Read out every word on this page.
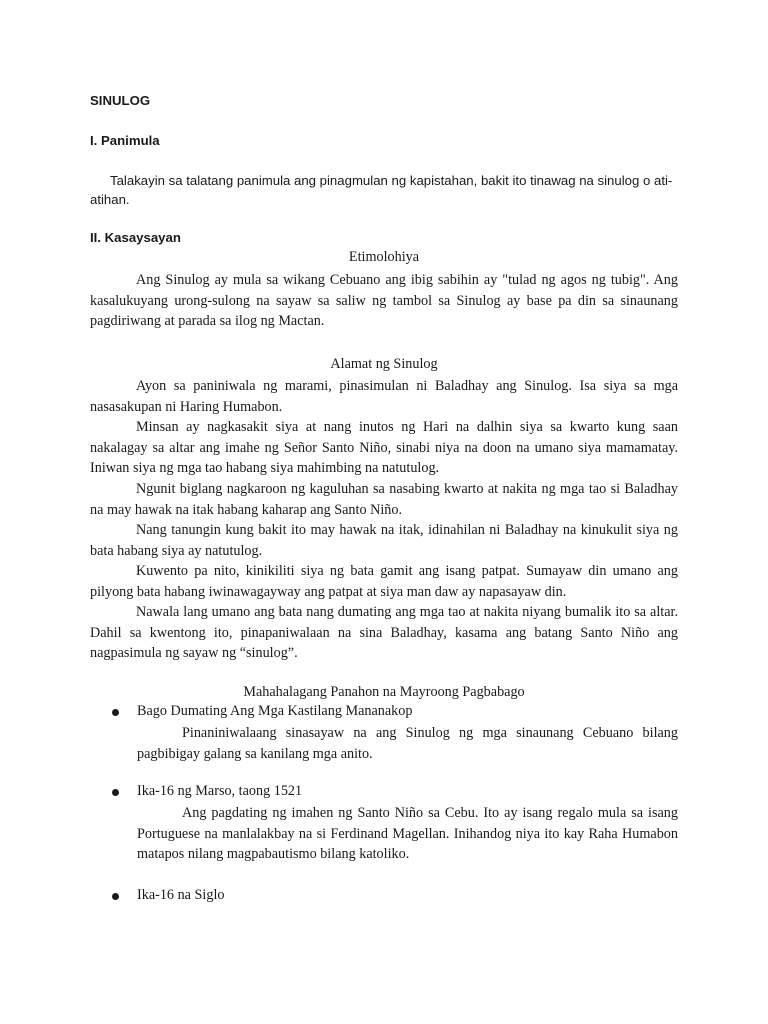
SINULOG
I. Panimula

Talakayin sa talatang panimula ang pinagmulan ng kapistahan, bakit ito tinawag na sinulog o ati-atihan.

II. Kasaysayan

Etimolohiya

Ang Sinulog ay mula sa wikang Cebuano ang ibig sabihin ay "tulad ng agos ng tubig". Ang kasalukuyang urong-sulong na sayaw sa saliw ng tambol sa Sinulog ay base pa din sa sinaunang pagdiriwang at parada sa ilog ng Mactan.

Alamat ng Sinulog

Ayon sa paniniwala ng marami, pinasimulan ni Baladhay ang Sinulog. Isa siya sa mga nasasakupan ni Haring Humabon.

Minsan ay nagkasakit siya at nang inutos ng Hari na dalhin siya sa kwarto kung saan nakalagay sa altar ang imahe ng Señor Santo Niño, sinabi niya na doon na umano siya mamamatay. Iniwan siya ng mga tao habang siya mahimbing na natutulog.

Ngunit biglang nagkaroon ng kaguluhan sa nasabing kwarto at nakita ng mga tao si Baladhay na may hawak na itak habang kaharap ang Santo Niño.

Nang tanungin kung bakit ito may hawak na itak, idinahilan ni Baladhay na kinukulit siya ng bata habang siya ay natutulog.

Kuwento pa nito, kinikiliti siya ng bata gamit ang isang patpat. Sumayaw din umano ang pilyong bata habang iwinawagayway ang patpat at siya man daw ay napasayaw din.

Nawala lang umano ang bata nang dumating ang mga tao at nakita niyang bumalik ito sa altar. Dahil sa kwentong ito, pinapaniwalaan na sina Baladhay, kasama ang batang Santo Niño ang nagpasimula ng sayaw ng “sinulog”.

Mahahalagang Panahon na Mayroong Pagbabago

Bago Dumating Ang Mga Kastilang Mananakop

Pinaniniwalaang sinasayaw na ang Sinulog ng mga sinaunang Cebuano bilang pagbibigay galang sa kanilang mga anito.

Ika-16 ng Marso, taong 1521

Ang pagdating ng imahen ng Santo Niño sa Cebu. Ito ay isang regalo mula sa isang Portuguese na manlalakbay na si Ferdinand Magellan. Inihandog niya ito kay Raha Humabon matapos nilang magpabautismo bilang katoliko.

Ika-16 na Siglo
